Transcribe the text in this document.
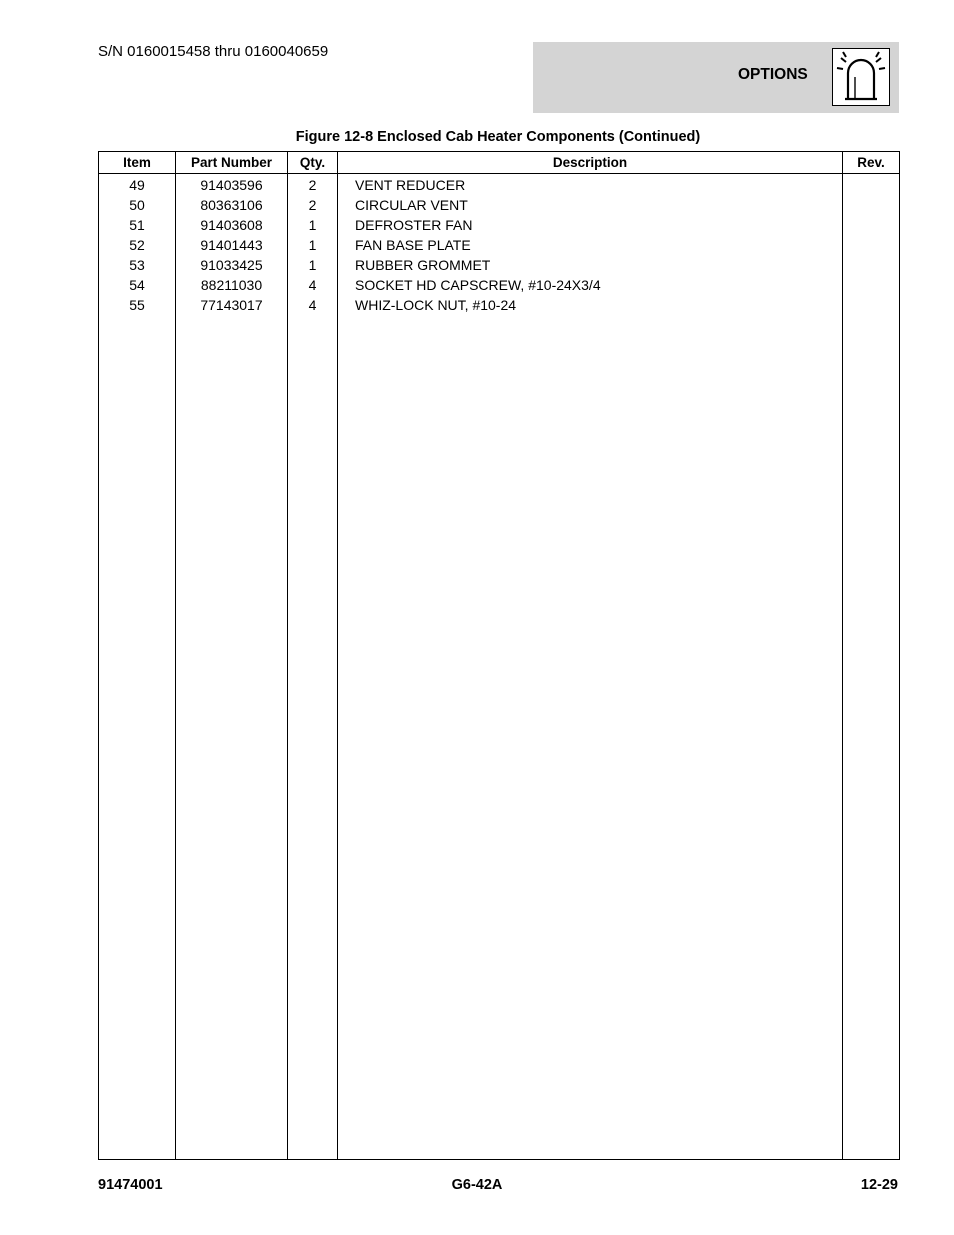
S/N 0160015458 thru 0160040659
OPTIONS
Figure 12-8 Enclosed Cab Heater Components (Continued)
Item	Part Number	Qty.	Description	Rev.
49	91403596	2	VENT REDUCER	
50	80363106	2	CIRCULAR VENT	
51	91403608	1	DEFROSTER FAN	
52	91401443	1	FAN BASE PLATE	
53	91033425	1	RUBBER GROMMET	
54	88211030	4	SOCKET HD CAPSCREW, #10-24X3/4	
55	77143017	4	WHIZ-LOCK NUT, #10-24	

91474001	G6-42A	12-29
